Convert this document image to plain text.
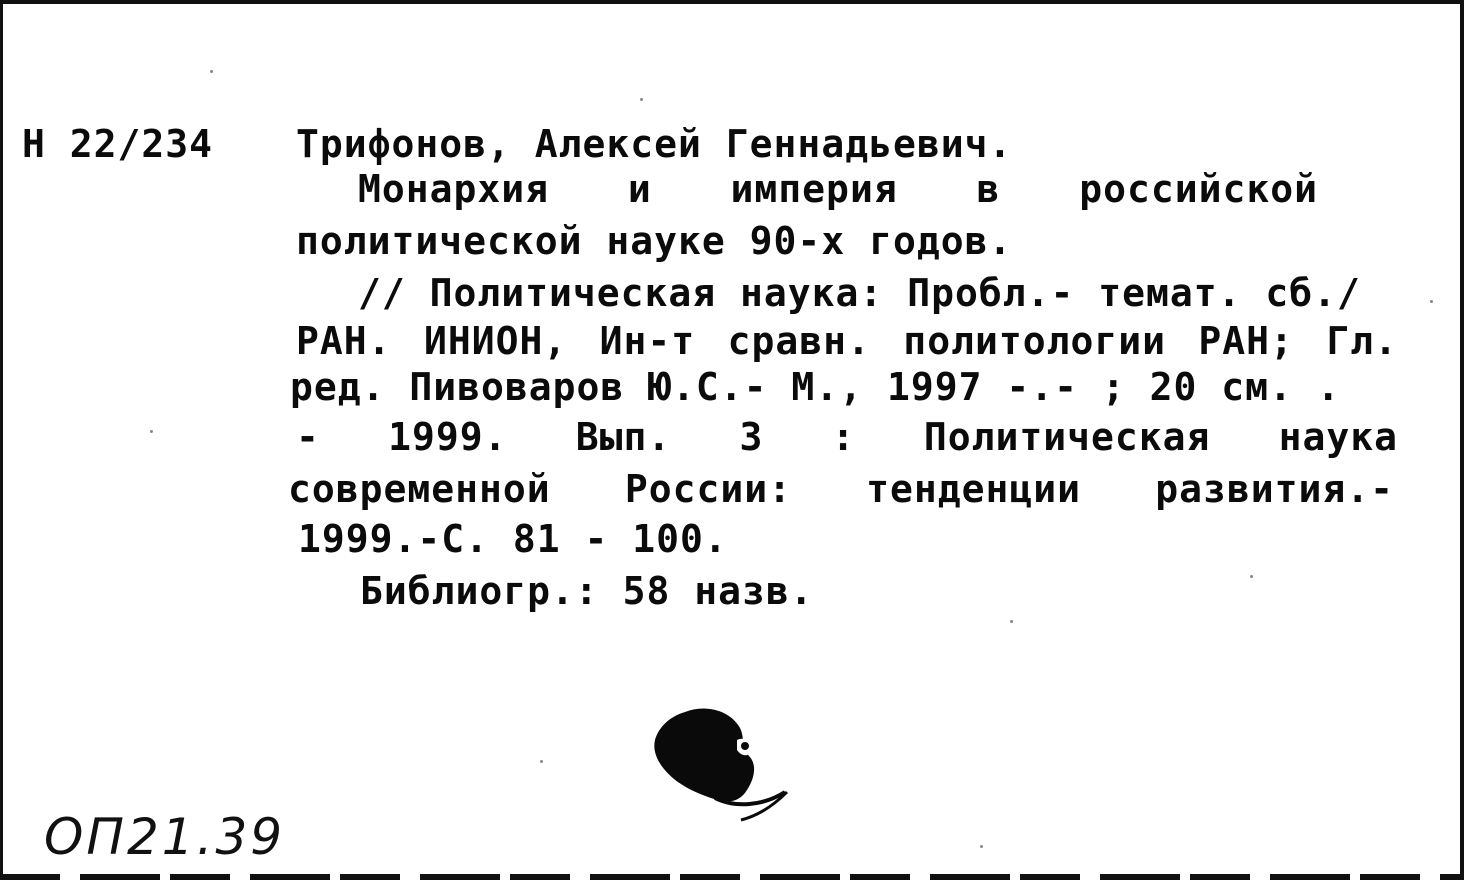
Н 22/234 Трифонов, Алексей Геннадьевич.

Монархия и империя в российской

политической науке 90-х годов.

// Политическая наука: Пробл.- темат. сб./

РАН. ИНИОН, Ин-т сравн. политологии РАН; Гл.

ред. Пивоваров Ю.С.- М., 1997 -.- ; 20 см. .

- 1999. Вып. 3 : Политическая наука

современной России: тенденции развития.-

1999.-С. 81 - 100.

Библиогр.: 58 назв.

ОП21.39
